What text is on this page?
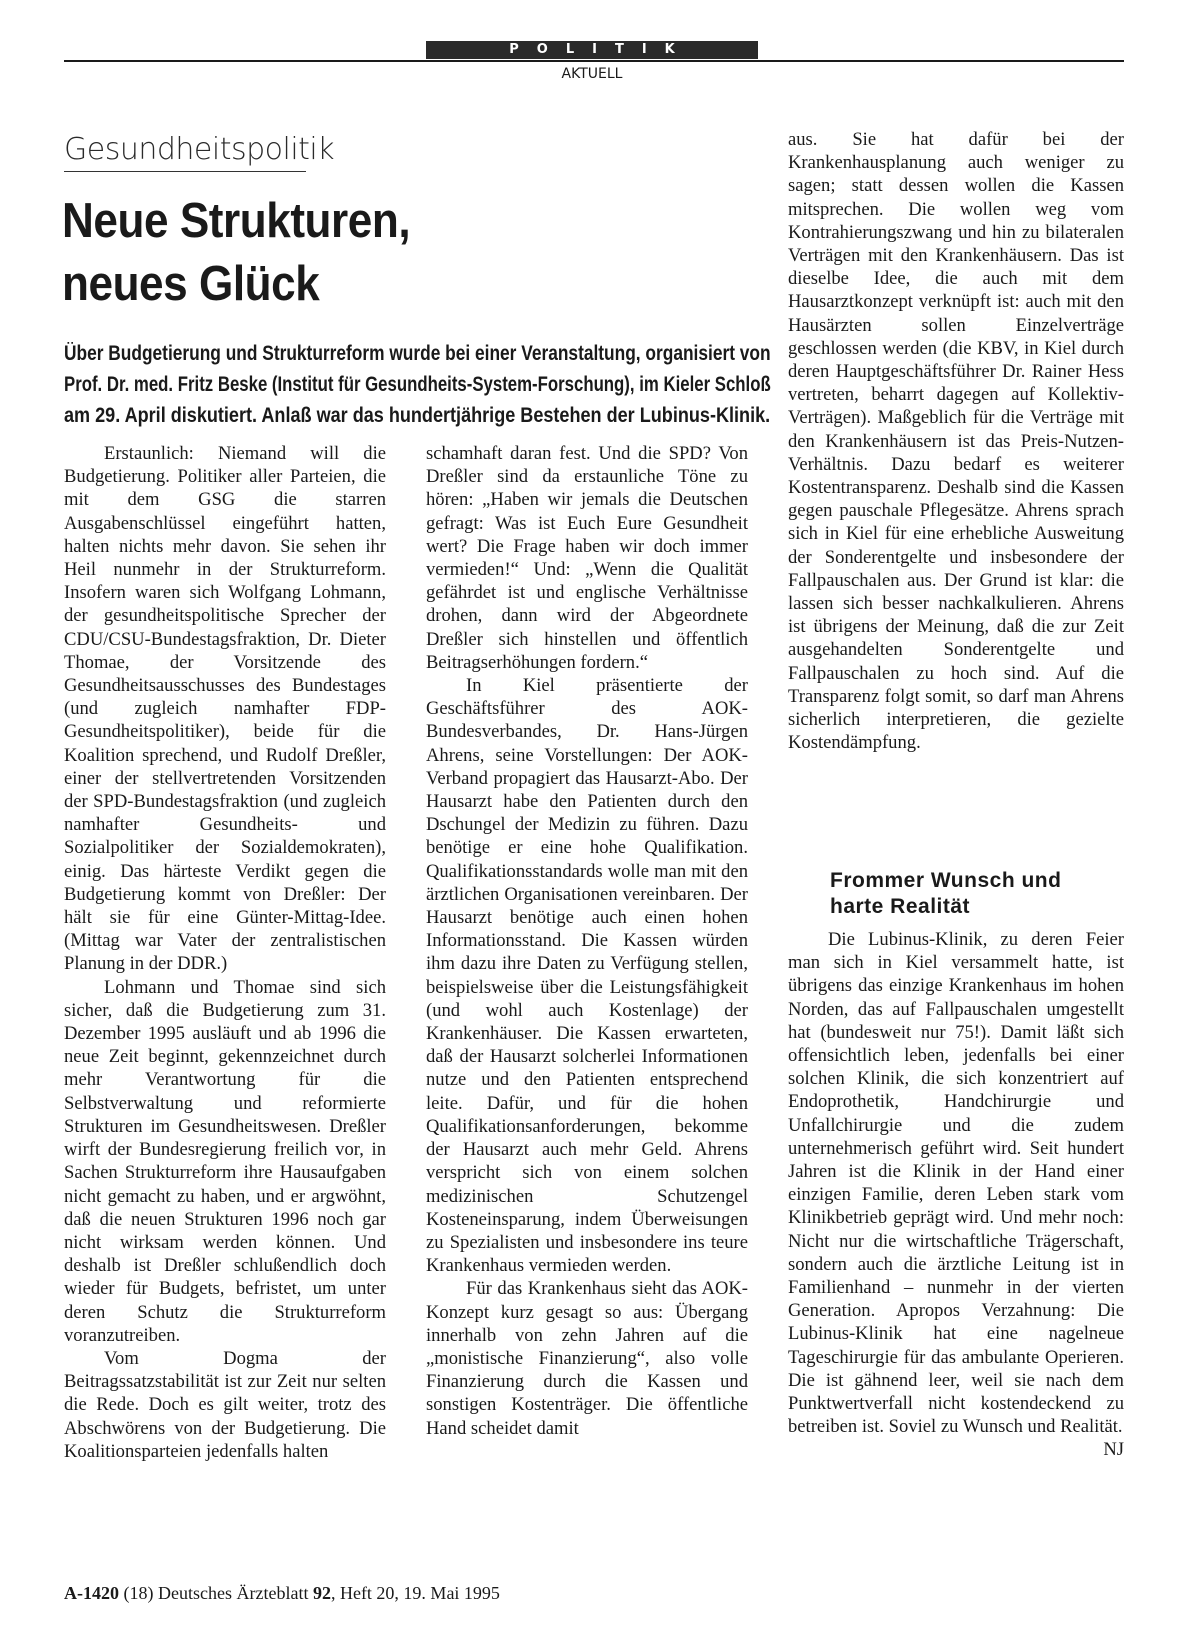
POLITIK
AKTUELL
Gesundheitspolitik
Neue Strukturen,
neues Glück
Über Budgetierung und Strukturreform wurde bei einer Veranstaltung, organisiert von
Prof. Dr. med. Fritz Beske (Institut für Gesundheits-System-Forschung), im Kieler Schloß
am 29. April diskutiert. Anlaß war das hundertjährige Bestehen der Lubinus-Klinik.

Erstaunlich: Niemand will die Budgetierung. Politiker aller Parteien, die mit dem GSG die starren Ausgabenschlüssel eingeführt hatten, halten nichts mehr davon. Sie sehen ihr Heil nunmehr in der Strukturreform. Insofern waren sich Wolfgang Lohmann, der gesundheitspolitische Sprecher der CDU/CSU-Bundestagsfraktion, Dr. Dieter Thomae, der Vorsitzende des Gesundheitsausschusses des Bundestages (und zugleich namhafter FDP-Gesundheitspolitiker), beide für die Koalition sprechend, und Rudolf Dreßler, einer der stellvertretenden Vorsitzenden der SPD-Bundestagsfraktion (und zugleich namhafter Gesundheits- und Sozialpolitiker der Sozialdemokraten), einig. Das härteste Verdikt gegen die Budgetierung kommt von Dreßler: Der hält sie für eine Günter-Mittag-Idee. (Mittag war Vater der zentralistischen Planung in der DDR.)

Lohmann und Thomae sind sich sicher, daß die Budgetierung zum 31. Dezember 1995 ausläuft und ab 1996 die neue Zeit beginnt, gekennzeichnet durch mehr Verantwortung für die Selbstverwaltung und reformierte Strukturen im Gesundheitswesen. Dreßler wirft der Bundesregierung freilich vor, in Sachen Strukturreform ihre Hausaufgaben nicht gemacht zu haben, und er argwöhnt, daß die neuen Strukturen 1996 noch gar nicht wirksam werden können. Und deshalb ist Dreßler schlußendlich doch wieder für Budgets, befristet, um unter deren Schutz die Strukturreform voranzutreiben.

Vom Dogma der Beitragssatzstabilität ist zur Zeit nur selten die Rede. Doch es gilt weiter, trotz des Abschwörens von der Budgetierung. Die Koalitionsparteien jedenfalls halten

schamhaft daran fest. Und die SPD? Von Dreßler sind da erstaunliche Töne zu hören: „Haben wir jemals die Deutschen gefragt: Was ist Euch Eure Gesundheit wert? Die Frage haben wir doch immer vermieden!“ Und: „Wenn die Qualität gefährdet ist und englische Verhältnisse drohen, dann wird der Abgeordnete Dreßler sich hinstellen und öffentlich Beitragserhöhungen fordern.“

In Kiel präsentierte der Geschäftsführer des AOK-Bundesverbandes, Dr. Hans-Jürgen Ahrens, seine Vorstellungen: Der AOK-Verband propagiert das Hausarzt-Abo. Der Hausarzt habe den Patienten durch den Dschungel der Medizin zu führen. Dazu benötige er eine hohe Qualifikation. Qualifikationsstandards wolle man mit den ärztlichen Organisationen vereinbaren. Der Hausarzt benötige auch einen hohen Informationsstand. Die Kassen würden ihm dazu ihre Daten zu Verfügung stellen, beispielsweise über die Leistungsfähigkeit (und wohl auch Kostenlage) der Krankenhäuser. Die Kassen erwarteten, daß der Hausarzt solcherlei Informationen nutze und den Patienten entsprechend leite. Dafür, und für die hohen Qualifikationsanforderungen, bekomme der Hausarzt auch mehr Geld. Ahrens verspricht sich von einem solchen medizinischen Schutzengel Kosteneinsparung, indem Überweisungen zu Spezialisten und insbesondere ins teure Krankenhaus vermieden werden.

Für das Krankenhaus sieht das AOK-Konzept kurz gesagt so aus: Übergang innerhalb von zehn Jahren auf die „monistische Finanzierung“, also volle Finanzierung durch die Kassen und sonstigen Kostenträger. Die öffentliche Hand scheidet damit

aus. Sie hat dafür bei der Krankenhausplanung auch weniger zu sagen; statt dessen wollen die Kassen mitsprechen. Die wollen weg vom Kontrahierungszwang und hin zu bilateralen Verträgen mit den Krankenhäusern. Das ist dieselbe Idee, die auch mit dem Hausarztkonzept verknüpft ist: auch mit den Hausärzten sollen Einzelverträge geschlossen werden (die KBV, in Kiel durch deren Hauptgeschäftsführer Dr. Rainer Hess vertreten, beharrt dagegen auf Kollektiv-Verträgen). Maßgeblich für die Verträge mit den Krankenhäusern ist das Preis-Nutzen-Verhältnis. Dazu bedarf es weiterer Kostentransparenz. Deshalb sind die Kassen gegen pauschale Pflegesätze. Ahrens sprach sich in Kiel für eine erhebliche Ausweitung der Sonderentgelte und insbesondere der Fallpauschalen aus. Der Grund ist klar: die lassen sich besser nachkalkulieren. Ahrens ist übrigens der Meinung, daß die zur Zeit ausgehandelten Sonderentgelte und Fallpauschalen zu hoch sind. Auf die Transparenz folgt somit, so darf man Ahrens sicherlich interpretieren, die gezielte Kostendämpfung.

Frommer Wunsch und
harte Realität

Die Lubinus-Klinik, zu deren Feier man sich in Kiel versammelt hatte, ist übrigens das einzige Krankenhaus im hohen Norden, das auf Fallpauschalen umgestellt hat (bundesweit nur 75!). Damit läßt sich offensichtlich leben, jedenfalls bei einer solchen Klinik, die sich konzentriert auf Endoprothetik, Handchirurgie und Unfallchirurgie und die zudem unternehmerisch geführt wird. Seit hundert Jahren ist die Klinik in der Hand einer einzigen Familie, deren Leben stark vom Klinikbetrieb geprägt wird. Und mehr noch: Nicht nur die wirtschaftliche Trägerschaft, sondern auch die ärztliche Leitung ist in Familienhand – nunmehr in der vierten Generation. Apropos Verzahnung: Die Lubinus-Klinik hat eine nagelneue Tageschirurgie für das ambulante Operieren. Die ist gähnend leer, weil sie nach dem Punktwertverfall nicht kostendeckend zu betreiben ist. Soviel zu Wunsch und Realität.
NJ

A-1420 (18) Deutsches Ärzteblatt 92, Heft 20, 19. Mai 1995
